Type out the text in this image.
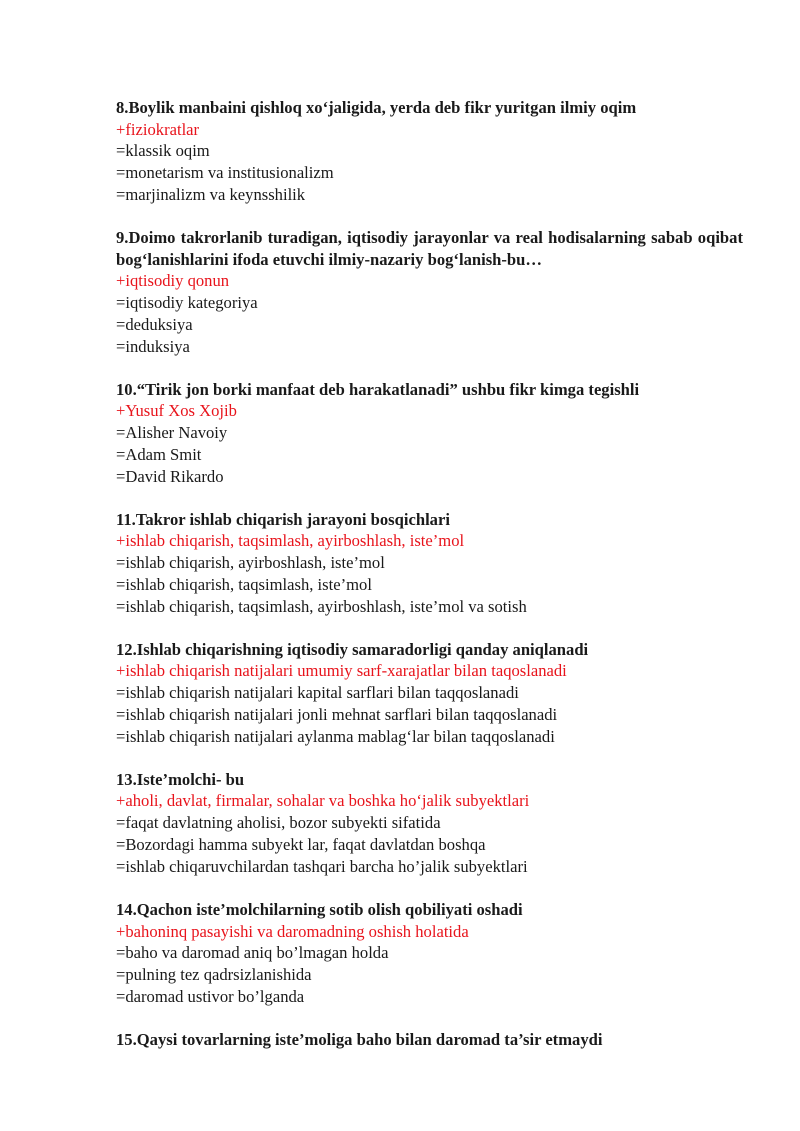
8.Boylik manbaini qishloq xo‘jaligida, yerda deb fikr yuritgan ilmiy oqim
+fiziokratlar
=klassik oqim
=monetarism va institusionalizm
=marjinalizm va keynsshilik
9.Doimo takrorlanib turadigan, iqtisodiy jarayonlar va real hodisalarning sabab oqibat bog‘lanishlarini ifoda etuvchi ilmiy-nazariy bog‘lanish-bu…
+iqtisodiy qonun
=iqtisodiy kategoriya
=deduksiya
=induksiya
10.“Tirik jon borki manfaat deb harakatlanadi” ushbu fikr kimga tegishli
+Yusuf Xos Xojib
=Alisher Navoiy
=Adam Smit
=David Rikardo
11.Takror ishlab chiqarish jarayoni bosqichlari
+ishlab chiqarish, taqsimlash, ayirboshlash, iste’mol
=ishlab chiqarish, ayirboshlash, iste’mol
=ishlab chiqarish, taqsimlash, iste’mol
=ishlab chiqarish, taqsimlash, ayirboshlash, iste’mol va sotish
12.Ishlab chiqarishning iqtisodiy samaradorligi qanday aniqlanadi
+ishlab chiqarish natijalari umumiy sarf-xarajatlar bilan taqoslanadi
=ishlab chiqarish natijalari kapital sarflari bilan taqqoslanadi
=ishlab chiqarish natijalari jonli mehnat sarflari bilan taqqoslanadi
=ishlab chiqarish natijalari aylanma mablag‘lar bilan taqqoslanadi
13.Iste’molchi- bu
+aholi, davlat, firmalar, sohalar va boshka ho‘jalik subyektlari
=faqat davlatning aholisi, bozor subyekti sifatida
=Bozordagi hamma subyekt lar, faqat davlatdan boshqa
=ishlab chiqaruvchilardan tashqari barcha ho’jalik subyektlari
14.Qachon iste’molchilarning sotib olish qobiliyati oshadi
+bahoninq pasayishi va daromadning oshish holatida
=baho va daromad aniq bo’lmagan holda
=pulning tez qadrsizlanishida
=daromad ustivor bo’lganda
15.Qaysi tovarlarning iste’moliga baho bilan daromad ta’sir etmaydi
